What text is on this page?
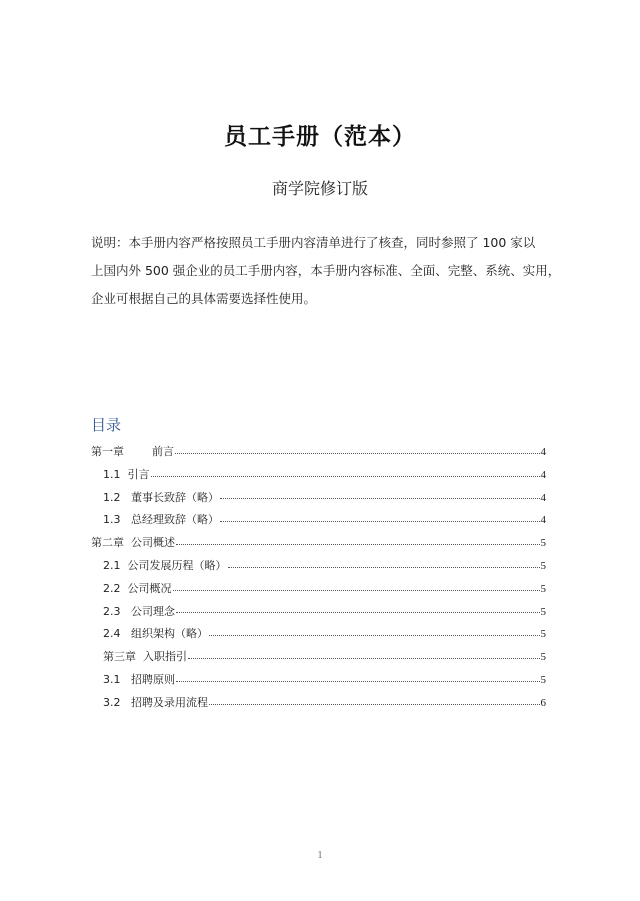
员工手册（范本）
商学院修订版
说明：本手册内容严格按照员工手册内容清单进行了核查，同时参照了 100 家以
上国内外 500 强企业的员工手册内容，本手册内容标准、全面、完整、系统、实用，
企业可根据自己的具体需要选择性使用。
目录
第一章        前言	4
1.1  引言	4
1.2   董事长致辞（略）	4
1.3   总经理致辞（略）	4
第二章  公司概述	5
2.1  公司发展历程（略）	5
2.2  公司概况	5
2.3   公司理念	5
2.4   组织架构（略）	5
第三章  入职指引	5
3.1   招聘原则	5
3.2   招聘及录用流程	6
1
